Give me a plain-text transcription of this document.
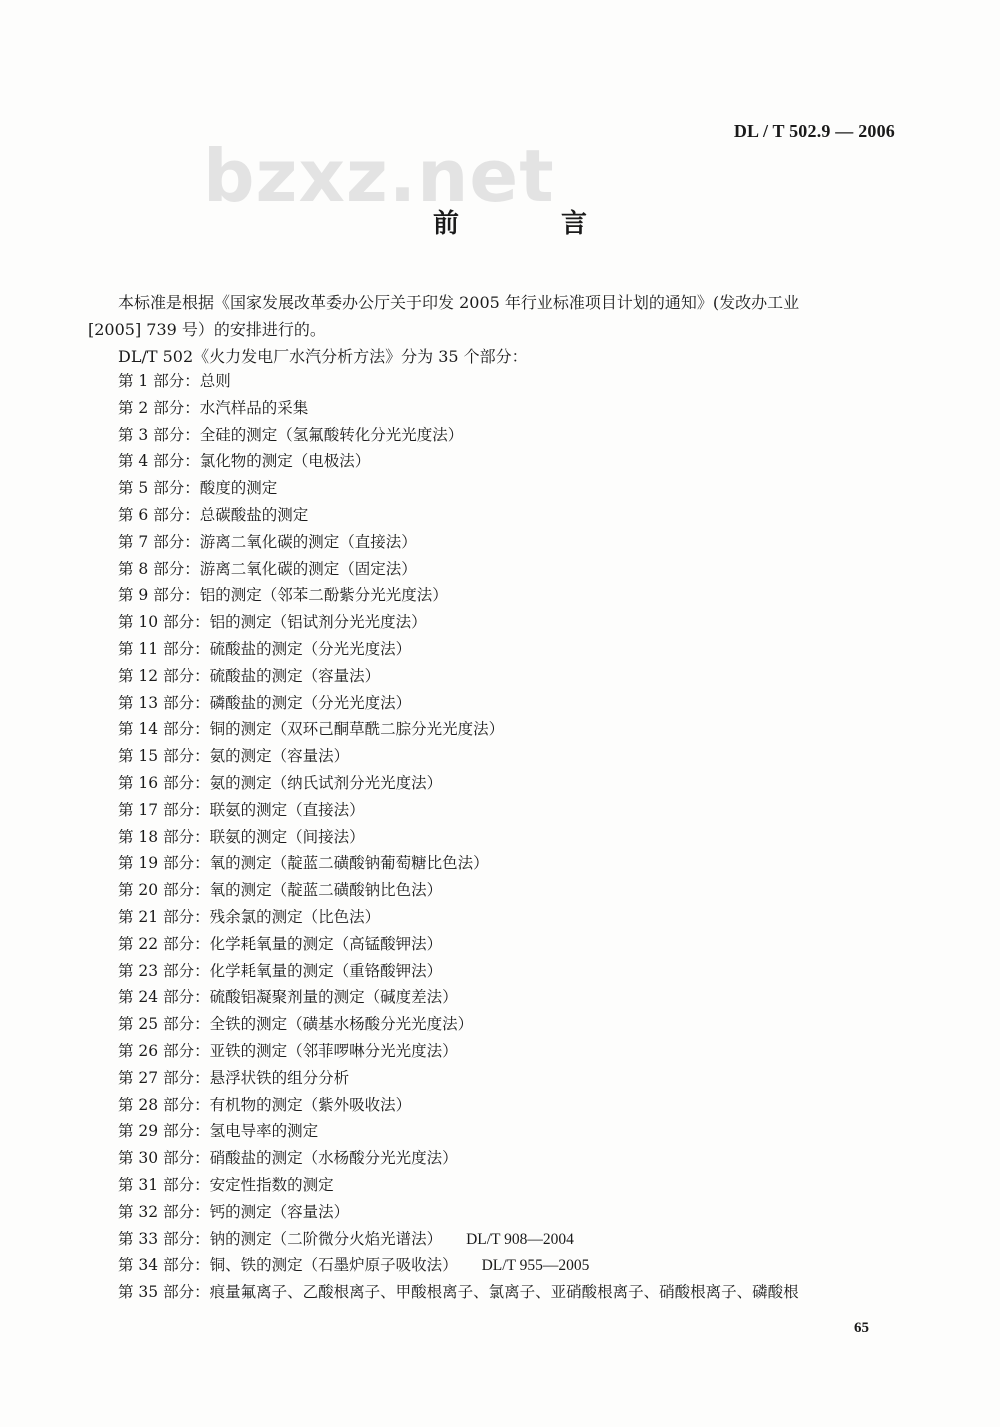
DL / T 502.9 — 2006
bzxz.net
前　言
本标准是根据《国家发展改革委办公厅关于印发 2005 年行业标准项目计划的通知》(发改办工业
[2005] 739 号）的安排进行的。
DL/T 502《火力发电厂水汽分析方法》分为 35 个部分：
第 1 部分：总则
第 2 部分：水汽样品的采集
第 3 部分：全硅的测定（氢氟酸转化分光光度法）
第 4 部分：氯化物的测定（电极法）
第 5 部分：酸度的测定
第 6 部分：总碳酸盐的测定
第 7 部分：游离二氧化碳的测定（直接法）
第 8 部分：游离二氧化碳的测定（固定法）
第 9 部分：铝的测定（邻苯二酚紫分光光度法）
第 10 部分：铝的测定（铝试剂分光光度法）
第 11 部分：硫酸盐的测定（分光光度法）
第 12 部分：硫酸盐的测定（容量法）
第 13 部分：磷酸盐的测定（分光光度法）
第 14 部分：铜的测定（双环己酮草酰二腙分光光度法）
第 15 部分：氨的测定（容量法）
第 16 部分：氨的测定（纳氏试剂分光光度法）
第 17 部分：联氨的测定（直接法）
第 18 部分：联氨的测定（间接法）
第 19 部分：氧的测定（靛蓝二磺酸钠葡萄糖比色法）
第 20 部分：氧的测定（靛蓝二磺酸钠比色法）
第 21 部分：残余氯的测定（比色法）
第 22 部分：化学耗氧量的测定（高锰酸钾法）
第 23 部分：化学耗氧量的测定（重铬酸钾法）
第 24 部分：硫酸铝凝聚剂量的测定（碱度差法）
第 25 部分：全铁的测定（磺基水杨酸分光光度法）
第 26 部分：亚铁的测定（邻菲啰啉分光光度法）
第 27 部分：悬浮状铁的组分分析
第 28 部分：有机物的测定（紫外吸收法）
第 29 部分：氢电导率的测定
第 30 部分：硝酸盐的测定（水杨酸分光光度法）
第 31 部分：安定性指数的测定
第 32 部分：钙的测定（容量法）
第 33 部分：钠的测定（二阶微分火焰光谱法） DL/T 908—2004
第 34 部分：铜、铁的测定（石墨炉原子吸收法） DL/T 955—2005
第 35 部分：痕量氟离子、乙酸根离子、甲酸根离子、氯离子、亚硝酸根离子、硝酸根离子、磷酸根
65
